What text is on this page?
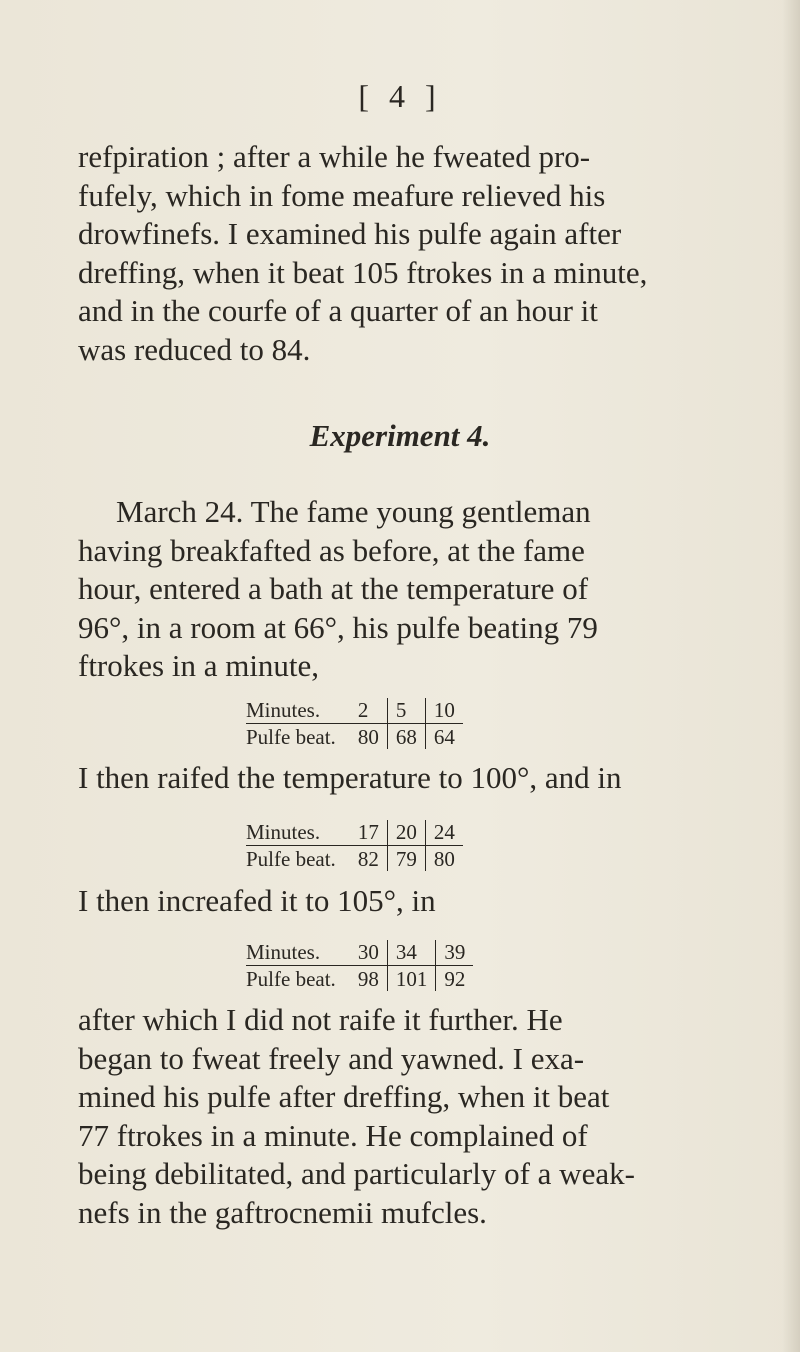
[ 4 ]

refpiration ; after a while he fweated pro-
fufely, which in fome meafure relieved his
drowfinefs. I examined his pulfe again after
dreffing, when it beat 105 ftrokes in a minute,
and in the courfe of a quarter of an hour it
was reduced to 84.

Experiment 4.

March 24. The fame young gentleman
having breakfafted as before, at the fame
hour, entered a bath at the temperature of
96°, in a room at 66°, his pulfe beating 79
ftrokes in a minute,

Minutes.	2	5	10
Pulfe beat.	80	68	64

I then raifed the temperature to 100°, and in

Minutes.	17	20	24
Pulfe beat.	82	79	80

I then increafed it to 105°, in

Minutes.	30	34	39
Pulfe beat.	98	101	92

after which I did not raife it further. He
began to fweat freely and yawned. I exa-
mined his pulfe after dreffing, when it beat
77 ftrokes in a minute. He complained of
being debilitated, and particularly of a weak-
nefs in the gaftrocnemii mufcles.
